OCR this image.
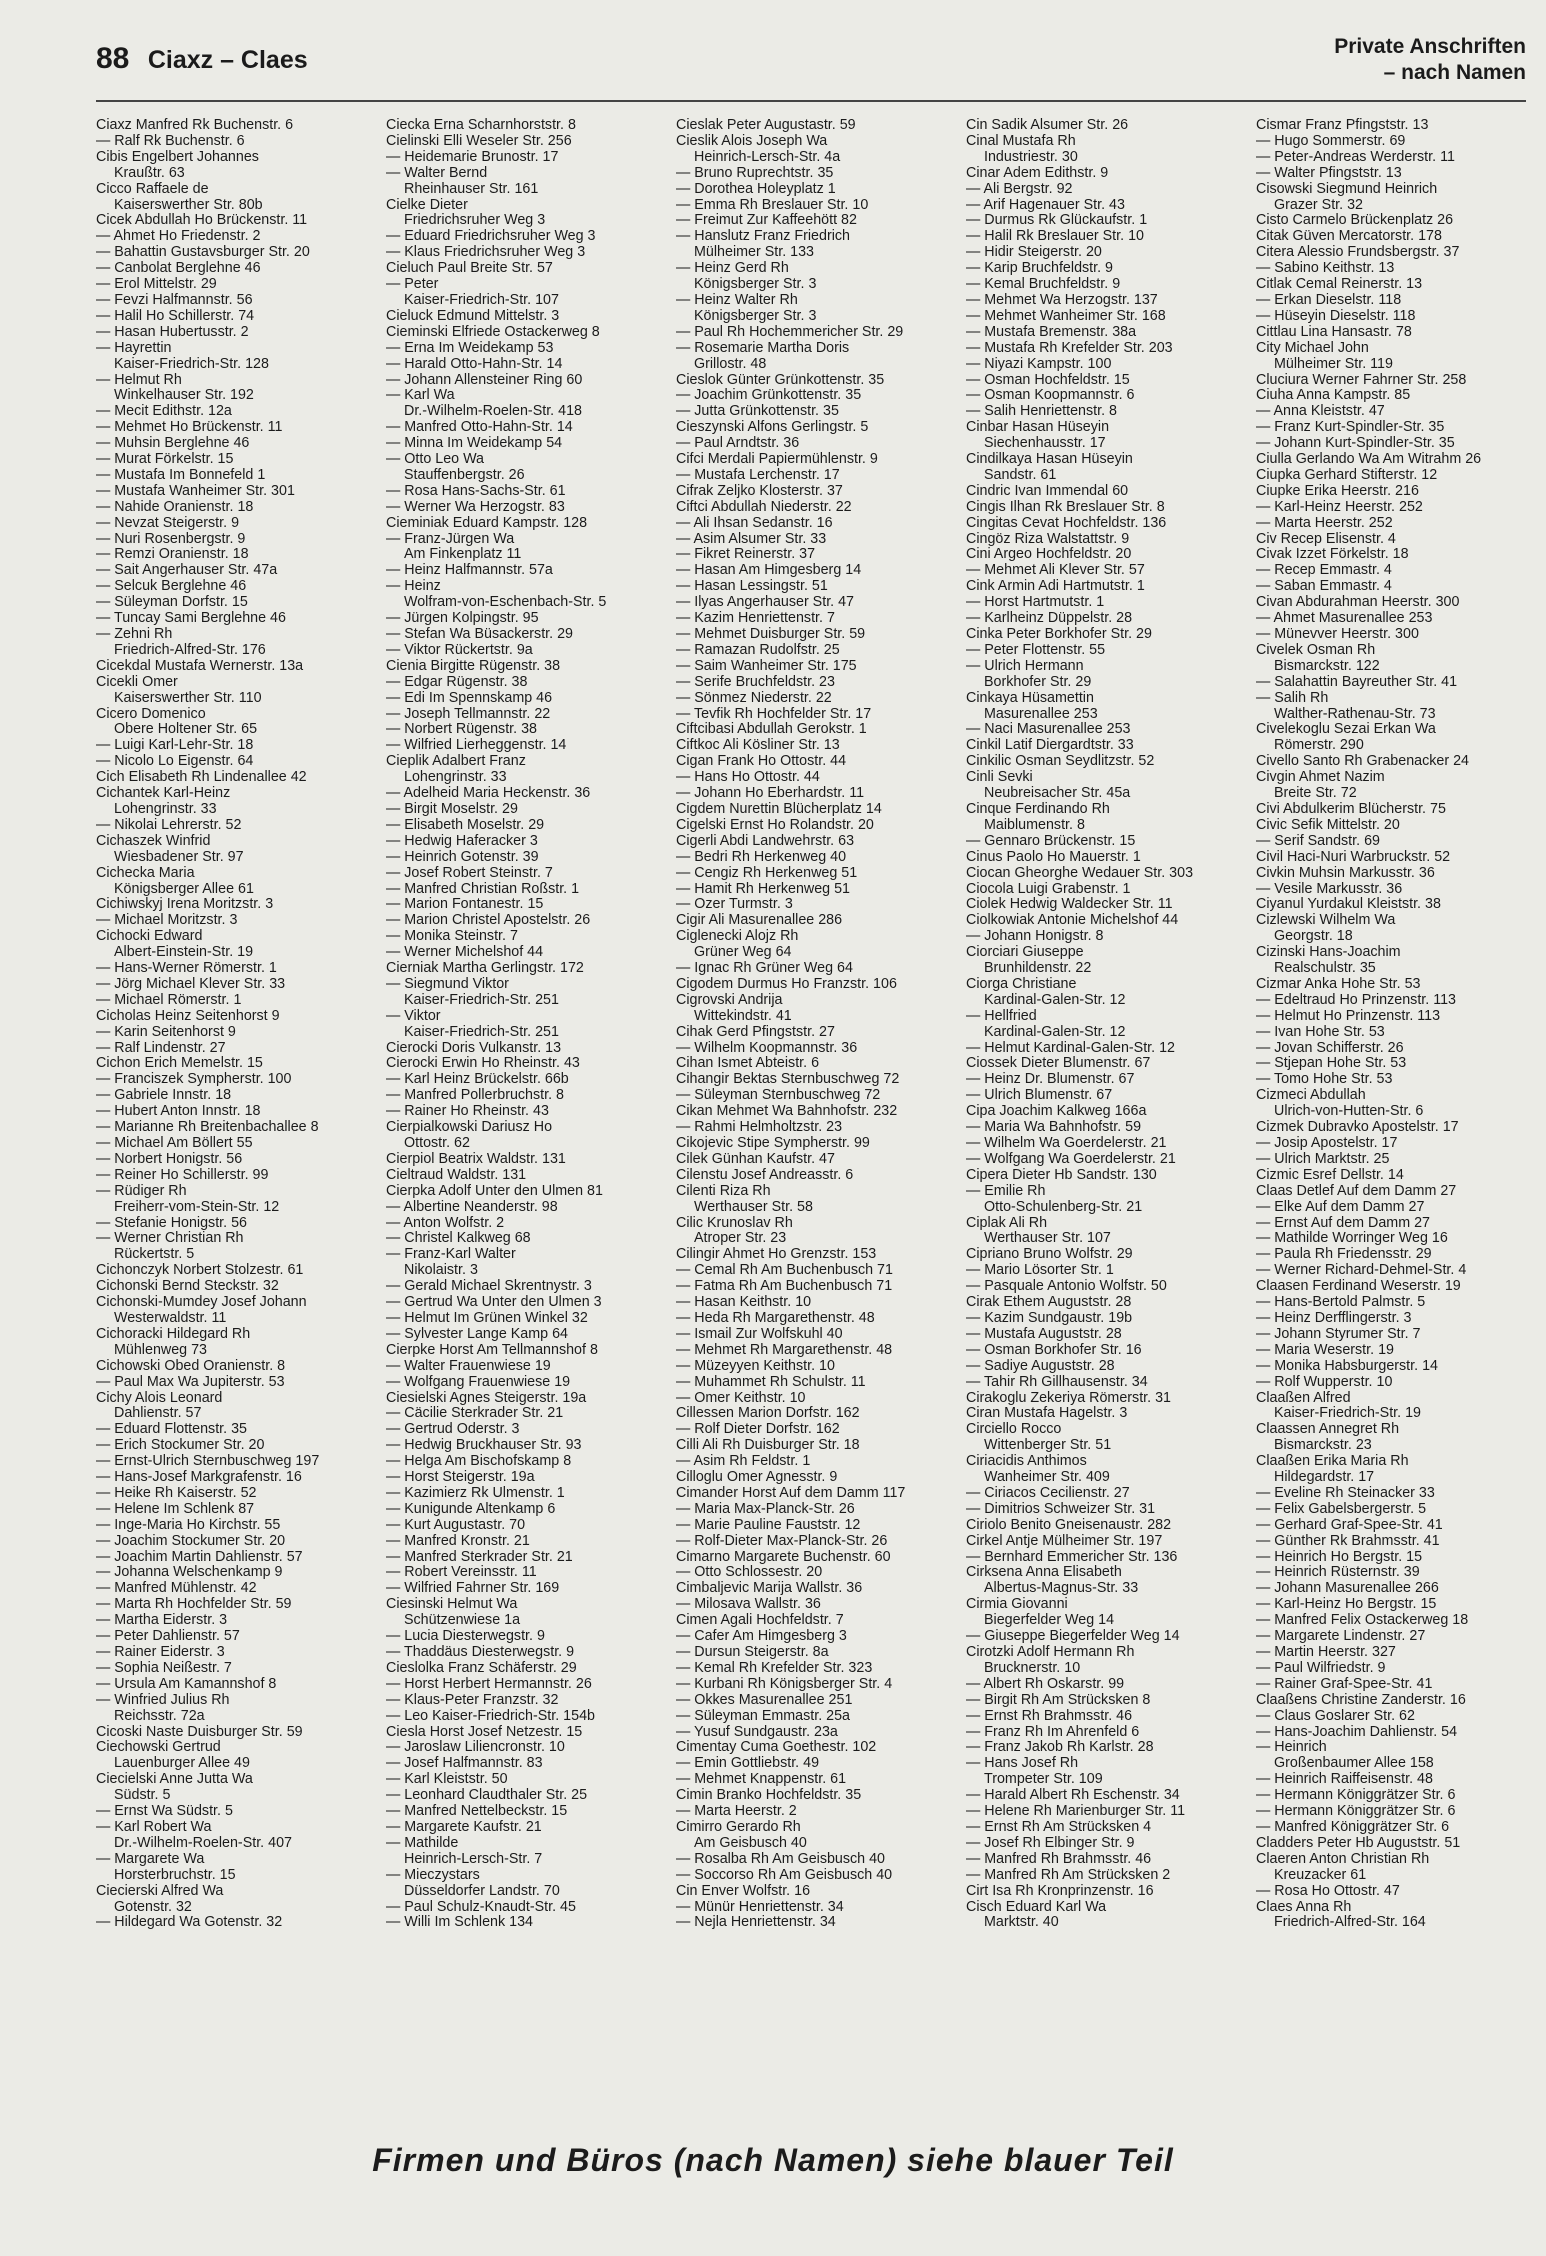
88 Ciaxz – Claes	Private Anschriften
– nach Namen
Ciaxz Manfred Rk Buchenstr. 6
— Ralf Rk Buchenstr. 6
Cibis Engelbert Johannes
Kraußtr. 63
Cicco Raffaele de
Kaiserswerther Str. 80b
Cicek Abdullah Ho Brückenstr. 11
— Ahmet Ho Friedenstr. 2
— Bahattin Gustavsburger Str. 20
— Canbolat Berglehne 46
— Erol Mittelstr. 29
— Fevzi Halfmannstr. 56
— Halil Ho Schillerstr. 74
— Hasan Hubertusstr. 2
— Hayrettin
Kaiser-Friedrich-Str. 128
— Helmut Rh
Winkelhauser Str. 192
— Mecit Edithstr. 12a
— Mehmet Ho Brückenstr. 11
— Muhsin Berglehne 46
— Murat Förkelstr. 15
— Mustafa Im Bonnefeld 1
— Mustafa Wanheimer Str. 301
— Nahide Oranienstr. 18
— Nevzat Steigerstr. 9
— Nuri Rosenbergstr. 9
— Remzi Oranienstr. 18
— Sait Angerhauser Str. 47a
— Selcuk Berglehne 46
— Süleyman Dorfstr. 15
— Tuncay Sami Berglehne 46
— Zehni Rh
Friedrich-Alfred-Str. 176
Cicekdal Mustafa Wernerstr. 13a
Cicekli Ömer
Kaiserswerther Str. 110
Cicero Domenico
Obere Holtener Str. 65
— Luigi Karl-Lehr-Str. 18
— Nicolo Lo Eigenstr. 64
Cich Elisabeth Rh Lindenallee 42
Cichantek Karl-Heinz
Lohengrinstr. 33
— Nikolai Lehrerstr. 52
Cichaszek Winfrid
Wiesbadener Str. 97
Cichecka Maria
Königsberger Allee 61
Cichiwskyj Irena Moritzstr. 3
— Michael Moritzstr. 3
Cichocki Edward
Albert-Einstein-Str. 19
— Hans-Werner Römerstr. 1
— Jörg Michael Klever Str. 33
— Michael Römerstr. 1
Cicholas Heinz Seitenhorst 9
— Karin Seitenhorst 9
— Ralf Lindenstr. 27
Cichon Erich Memelstr. 15
— Franciszek Sympherstr. 100
— Gabriele Innstr. 18
— Hubert Anton Innstr. 18
— Marianne Rh Breitenbachallee 8
— Michael Am Böllert 55
— Norbert Honigstr. 56
— Reiner Ho Schillerstr. 99
— Rüdiger Rh
Freiherr-vom-Stein-Str. 12
— Stefanie Honigstr. 56
— Werner Christian Rh
Rückertstr. 5
Cichonczyk Norbert Stolzestr. 61
Cichonski Bernd Steckstr. 32
Cichonski-Mumdey Josef Johann
Westerwaldstr. 11
Cichoracki Hildegard Rh
Mühlenweg 73
Cichowski Obed Oranienstr. 8
— Paul Max Wa Jupiterstr. 53
Cichy Alois Leonard
Dahlienstr. 57
— Eduard Flottenstr. 35
— Erich Stockumer Str. 20
— Ernst-Ulrich Sternbuschweg 197
— Hans-Josef Markgrafenstr. 16
— Heike Rh Kaiserstr. 52
— Helene Im Schlenk 87
— Inge-Maria Ho Kirchstr. 55
— Joachim Stockumer Str. 20
— Joachim Martin Dahlienstr. 57
— Johanna Welschenkamp 9
— Manfred Mühlenstr. 42
— Marta Rh Hochfelder Str. 59
— Martha Eiderstr. 3
— Peter Dahlienstr. 57
— Rainer Eiderstr. 3
— Sophia Neißestr. 7
— Ursula Am Kamannshof 8
— Winfried Julius Rh
Reichsstr. 72a
Cicoski Naste Duisburger Str. 59
Ciechowski Gertrud
Lauenburger Allee 49
Ciecielski Anne Jutta Wa
Südstr. 5
— Ernst Wa Südstr. 5
— Karl Robert Wa
Dr.-Wilhelm-Roelen-Str. 407
— Margarete Wa
Horsterbruchstr. 15
Ciecierski Alfred Wa
Gotenstr. 32
— Hildegard Wa Gotenstr. 32
Ciecka Erna Scharnhorststr. 8
Cielinski Elli Weseler Str. 256
— Heidemarie Brunostr. 17
— Walter Bernd
Rheinhauser Str. 161
Cielke Dieter
Friedrichsruher Weg 3
— Eduard Friedrichsruher Weg 3
— Klaus Friedrichsruher Weg 3
Cieluch Paul Breite Str. 57
— Peter
Kaiser-Friedrich-Str. 107
Cieluck Edmund Mittelstr. 3
Cieminski Elfriede Ostackerweg 8
— Erna Im Weidekamp 53
— Harald Otto-Hahn-Str. 14
— Johann Allensteiner Ring 60
— Karl Wa
Dr.-Wilhelm-Roelen-Str. 418
— Manfred Otto-Hahn-Str. 14
— Minna Im Weidekamp 54
— Otto Leo Wa
Stauffenbergstr. 26
— Rosa Hans-Sachs-Str. 61
— Werner Wa Herzogstr. 83
Cieminiak Eduard Kampstr. 128
— Franz-Jürgen Wa
Am Finkenplatz 11
— Heinz Halfmannstr. 57a
— Heinz
Wolfram-von-Eschenbach-Str. 5
— Jürgen Kolpingstr. 95
— Stefan Wa Büsackerstr. 29
— Viktor Rückertstr. 9a
Cienia Birgitte Rügenstr. 38
— Edgar Rügenstr. 38
— Edi Im Spennskamp 46
— Joseph Tellmannstr. 22
— Norbert Rügenstr. 38
— Wilfried Lierheggenstr. 14
Cieplik Adalbert Franz
Lohengrinstr. 33
— Adelheid Maria Heckenstr. 36
— Birgit Moselstr. 29
— Elisabeth Moselstr. 29
— Hedwig Haferacker 3
— Heinrich Gotenstr. 39
— Josef Robert Steinstr. 7
— Manfred Christian Roßstr. 1
— Marion Fontanestr. 15
— Marion Christel Apostelstr. 26
— Monika Steinstr. 7
— Werner Michelshof 44
Cierniak Martha Gerlingstr. 172
— Siegmund Viktor
Kaiser-Friedrich-Str. 251
— Viktor
Kaiser-Friedrich-Str. 251
Cierocki Doris Vulkanstr. 13
Cierocki Erwin Ho Rheinstr. 43
— Karl Heinz Brückelstr. 66b
— Manfred Pollerbruchstr. 8
— Rainer Ho Rheinstr. 43
Cierpialkowski Dariusz Ho
Ottostr. 62
Cierpiol Beatrix Waldstr. 131
Cieltraud Waldstr. 131
Cierpka Adolf Unter den Ulmen 81
— Albertine Neanderstr. 98
— Anton Wolfstr. 2
— Christel Kalkweg 68
— Franz-Karl Walter
Nikolaistr. 3
— Gerald Michael Skrentnystr. 3
— Gertrud Wa Unter den Ulmen 3
— Helmut Im Grünen Winkel 32
— Sylvester Lange Kamp 64
Cierpke Horst Am Tellmannshof 8
— Walter Frauenwiese 19
— Wolfgang Frauenwiese 19
Ciesielski Agnes Steigerstr. 19a
— Cäcilie Sterkrader Str. 21
— Gertrud Oderstr. 3
— Hedwig Bruckhauser Str. 93
— Helga Am Bischofskamp 8
— Horst Steigerstr. 19a
— Kazimierz Rk Ulmenstr. 1
— Kunigunde Altenkamp 6
— Kurt Augustastr. 70
— Manfred Kronstr. 21
— Manfred Sterkrader Str. 21
— Robert Vereinsstr. 11
— Wilfried Fahrner Str. 169
Ciesinski Helmut Wa
Schützenwiese 1a
— Lucia Diesterwegstr. 9
— Thaddäus Diesterwegstr. 9
Cieslolka Franz Schäferstr. 29
— Horst Herbert Hermannstr. 26
— Klaus-Peter Franzstr. 32
— Leo Kaiser-Friedrich-Str. 154b
Ciesla Horst Josef Netzestr. 15
— Jaroslaw Liliencronstr. 10
— Josef Halfmannstr. 83
— Karl Kleiststr. 50
— Leonhard Claudthaler Str. 25
— Manfred Nettelbeckstr. 15
— Margarete Kaufstr. 21
— Mathilde
Heinrich-Lersch-Str. 7
— Mieczystars
Düsseldorfer Landstr. 70
— Paul Schulz-Knaudt-Str. 45
— Willi Im Schlenk 134
Cieslak Peter Augustastr. 59
Cieslik Alois Joseph Wa
Heinrich-Lersch-Str. 4a
— Bruno Ruprechtstr. 35
— Dorothea Holeyplatz 1
— Emma Rh Breslauer Str. 10
— Freimut Zur Kaffeehött 82
— Hanslutz Franz Friedrich
Mülheimer Str. 133
— Heinz Gerd Rh
Königsberger Str. 3
— Heinz Walter Rh
Königsberger Str. 3
— Paul Rh Hochemmericher Str. 29
— Rosemarie Martha Doris
Grillostr. 48
Cieslok Günter Grünkottenstr. 35
— Joachim Grünkottenstr. 35
— Jutta Grünkottenstr. 35
Cieszynski Alfons Gerlingstr. 5
— Paul Arndtstr. 36
Cifci Merdali Papiermühlenstr. 9
— Mustafa Lerchenstr. 17
Cifrak Zeljko Klosterstr. 37
Ciftci Abdullah Niederstr. 22
— Ali Ihsan Sedanstr. 16
— Asim Alsumer Str. 33
— Fikret Reinerstr. 37
— Hasan Am Himgesberg 14
— Hasan Lessingstr. 51
— Ilyas Angerhauser Str. 47
— Kazim Henriettenstr. 7
— Mehmet Duisburger Str. 59
— Ramazan Rudolfstr. 25
— Saim Wanheimer Str. 175
— Serife Bruchfeldstr. 23
— Sönmez Niederstr. 22
— Tevfik Rh Hochfelder Str. 17
Ciftcibasi Abdullah Gerokstr. 1
Ciftkoc Ali Kösliner Str. 13
Cigan Frank Ho Ottostr. 44
— Hans Ho Ottostr. 44
— Johann Ho Eberhardstr. 11
Cigdem Nurettin Blücherplatz 14
Cigelski Ernst Ho Rolandstr. 20
Cigerli Abdi Landwehrstr. 63
— Bedri Rh Herkenweg 40
— Cengiz Rh Herkenweg 51
— Hamit Rh Herkenweg 51
— Özer Turmstr. 3
Cigir Ali Masurenallee 286
Ciglenecki Alojz Rh
Grüner Weg 64
— Ignac Rh Grüner Weg 64
Cigodem Durmus Ho Franzstr. 106
Cigrovski Andrija
Wittekindstr. 41
Cihak Gerd Pfingststr. 27
— Wilhelm Koopmannstr. 36
Cihan Ismet Abteistr. 6
Cihangir Bektas Sternbuschweg 72
— Süleyman Sternbuschweg 72
Cikan Mehmet Wa Bahnhofstr. 232
— Rahmi Helmholtzstr. 23
Cikojevic Stipe Sympherstr. 99
Cilek Günhan Kaufstr. 47
Cilenstu Josef Andreasstr. 6
Cilenti Riza Rh
Werthauser Str. 58
Cilic Krunoslav Rh
Atroper Str. 23
Cilingir Ahmet Ho Grenzstr. 153
— Cemal Rh Am Buchenbusch 71
— Fatma Rh Am Buchenbusch 71
— Hasan Keithstr. 10
— Heda Rh Margarethenstr. 48
— Ismail Zur Wolfskuhl 40
— Mehmet Rh Margarethenstr. 48
— Müzeyyen Keithstr. 10
— Muhammet Rh Schulstr. 11
— Ömer Keithstr. 10
Cillessen Marion Dorfstr. 162
— Rolf Dieter Dorfstr. 162
Cilli Ali Rh Duisburger Str. 18
— Asim Rh Feldstr. 1
Cilloglu Ömer Agnesstr. 9
Cimander Horst Auf dem Damm 117
— Maria Max-Planck-Str. 26
— Marie Pauline Fauststr. 12
— Rolf-Dieter Max-Planck-Str. 26
Cimarno Margarete Buchenstr. 60
— Otto Schlossestr. 20
Cimbaljevic Marija Wallstr. 36
— Milosava Wallstr. 36
Cimen Agali Hochfeldstr. 7
— Cafer Am Himgesberg 3
— Dursun Steigerstr. 8a
— Kemal Rh Krefelder Str. 323
— Kurbani Rh Königsberger Str. 4
— Ökkes Masurenallee 251
— Süleyman Emmastr. 25a
— Yusuf Sundgaustr. 23a
Cimentay Cuma Goethestr. 102
— Emin Gottliebstr. 49
— Mehmet Knappenstr. 61
Cimin Branko Hochfeldstr. 35
— Marta Heerstr. 2
Cimirro Gerardo Rh
Am Geisbusch 40
— Rosalba Rh Am Geisbusch 40
— Soccorso Rh Am Geisbusch 40
Cin Enver Wolfstr. 16
— Münür Henriettenstr. 34
— Nejla Henriettenstr. 34
Cin Sadik Alsumer Str. 26
Cinal Mustafa Rh
Industriestr. 30
Cinar Adem Edithstr. 9
— Ali Bergstr. 92
— Arif Hagenauer Str. 43
— Durmus Rk Glückaufstr. 1
— Halil Rk Breslauer Str. 10
— Hidir Steigerstr. 20
— Karip Bruchfeldstr. 9
— Kemal Bruchfeldstr. 9
— Mehmet Wa Herzogstr. 137
— Mehmet Wanheimer Str. 168
— Mustafa Bremenstr. 38a
— Mustafa Rh Krefelder Str. 203
— Niyazi Kampstr. 100
— Osman Hochfeldstr. 15
— Osman Koopmannstr. 6
— Salih Henriettenstr. 8
Cinbar Hasan Hüseyin
Siechenhausstr. 17
Cindilkaya Hasan Hüseyin
Sandstr. 61
Cindric Ivan Immendal 60
Cingis Ilhan Rk Breslauer Str. 8
Cingitas Cevat Hochfeldstr. 136
Cingöz Riza Walstattstr. 9
Cini Argeo Hochfeldstr. 20
— Mehmet Ali Klever Str. 57
Cink Armin Adi Hartmutstr. 1
— Horst Hartmutstr. 1
— Karlheinz Düppelstr. 28
Cinka Peter Borkhofer Str. 29
— Peter Flottenstr. 55
— Ulrich Hermann
Borkhofer Str. 29
Cinkaya Hüsamettin
Masurenallee 253
— Naci Masurenallee 253
Cinkil Latif Diergardtstr. 33
Cinkilic Osman Seydlitzstr. 52
Cinli Sevki
Neubreisacher Str. 45a
Cinque Ferdinando Rh
Maiblumenstr. 8
— Gennaro Brückenstr. 15
Cinus Paolo Ho Mauerstr. 1
Ciocan Gheorghe Wedauer Str. 303
Ciocola Luigi Grabenstr. 1
Ciolek Hedwig Waldecker Str. 11
Ciolkowiak Antonie Michelshof 44
— Johann Honigstr. 8
Ciorciari Giuseppe
Brunhildenstr. 22
Ciorga Christiane
Kardinal-Galen-Str. 12
— Hellfried
Kardinal-Galen-Str. 12
— Helmut Kardinal-Galen-Str. 12
Ciossek Dieter Blumenstr. 67
— Heinz Dr. Blumenstr. 67
— Ulrich Blumenstr. 67
Cipa Joachim Kalkweg 166a
— Maria Wa Bahnhofstr. 59
— Wilhelm Wa Goerdelerstr. 21
— Wolfgang Wa Goerdelerstr. 21
Cipera Dieter Hb Sandstr. 130
— Emilie Rh
Otto-Schulenberg-Str. 21
Ciplak Ali Rh
Werthauser Str. 107
Cipriano Bruno Wolfstr. 29
— Mario Lösorter Str. 1
— Pasquale Antonio Wolfstr. 50
Cirak Ethem Auguststr. 28
— Kazim Sundgaustr. 19b
— Mustafa Auguststr. 28
— Osman Borkhofer Str. 16
— Sadiye Auguststr. 28
— Tahir Rh Gillhausenstr. 34
Cirakoglu Zekeriya Römerstr. 31
Ciran Mustafa Hagelstr. 3
Circiello Rocco
Wittenberger Str. 51
Ciriacidis Anthimos
Wanheimer Str. 409
— Ciriacos Cecilienstr. 27
— Dimitrios Schweizer Str. 31
Ciriolo Benito Gneisenaustr. 282
Cirkel Antje Mülheimer Str. 197
— Bernhard Emmericher Str. 136
Cirksena Anna Elisabeth
Albertus-Magnus-Str. 33
Cirmia Giovanni
Biegerfelder Weg 14
— Giuseppe Biegerfelder Weg 14
Cirotzki Adolf Hermann Rh
Brucknerstr. 10
— Albert Rh Oskarstr. 99
— Birgit Rh Am Strücksken 8
— Ernst Rh Brahmsstr. 46
— Franz Rh Im Ahrenfeld 6
— Franz Jakob Rh Karlstr. 28
— Hans Josef Rh
Trompeter Str. 109
— Harald Albert Rh Eschenstr. 34
— Helene Rh Marienburger Str. 11
— Ernst Rh Am Strücksken 4
— Josef Rh Elbinger Str. 9
— Manfred Rh Brahmsstr. 46
— Manfred Rh Am Strücksken 2
Cirt Isa Rh Kronprinzenstr. 16
Cisch Eduard Karl Wa
Marktstr. 40
Cismar Franz Pfingststr. 13
— Hugo Sommerstr. 69
— Peter-Andreas Werderstr. 11
— Walter Pfingststr. 13
Cisowski Siegmund Heinrich
Grazer Str. 32
Cisto Carmelo Brückenplatz 26
Citak Güven Mercatorstr. 178
Citera Alessio Frundsbergstr. 37
— Sabino Keithstr. 13
Citlak Cemal Reinerstr. 13
— Erkan Dieselstr. 118
— Hüseyin Dieselstr. 118
Cittlau Lina Hansastr. 78
City Michael John
Mülheimer Str. 119
Cluciura Werner Fahrner Str. 258
Ciuha Anna Kampstr. 85
— Anna Kleiststr. 47
— Franz Kurt-Spindler-Str. 35
— Johann Kurt-Spindler-Str. 35
Ciulla Gerlando Wa Am Witrahm 26
Ciupka Gerhard Stifterstr. 12
Ciupke Erika Heerstr. 216
— Karl-Heinz Heerstr. 252
— Marta Heerstr. 252
Civ Recep Elisenstr. 4
Civak Izzet Förkelstr. 18
— Recep Emmastr. 4
— Saban Emmastr. 4
Civan Abdurahman Heerstr. 300
— Ahmet Masurenallee 253
— Münevver Heerstr. 300
Civelek Osman Rh
Bismarckstr. 122
— Salahattin Bayreuther Str. 41
— Salih Rh
Walther-Rathenau-Str. 73
Civelekoglu Sezai Erkan Wa
Römerstr. 290
Civello Santo Rh Grabenacker 24
Civgin Ahmet Nazim
Breite Str. 72
Civi Abdulkerim Blücherstr. 75
Civic Sefik Mittelstr. 20
— Serif Sandstr. 69
Civil Haci-Nuri Warbruckstr. 52
Civkin Muhsin Markusstr. 36
— Vesile Markusstr. 36
Ciyanul Yurdakul Kleiststr. 38
Cizlewski Wilhelm Wa
Georgstr. 18
Cizinski Hans-Joachim
Realschulstr. 35
Cizmar Anka Hohe Str. 53
— Edeltraud Ho Prinzenstr. 113
— Helmut Ho Prinzenstr. 113
— Ivan Hohe Str. 53
— Jovan Schifferstr. 26
— Stjepan Hohe Str. 53
— Tomo Hohe Str. 53
Cizmeci Abdullah
Ulrich-von-Hutten-Str. 6
Cizmek Dubravko Apostelstr. 17
— Josip Apostelstr. 17
— Ulrich Marktstr. 25
Cizmic Esref Dellstr. 14
Claas Detlef Auf dem Damm 27
— Elke Auf dem Damm 27
— Ernst Auf dem Damm 27
— Mathilde Worringer Weg 16
— Paula Rh Friedensstr. 29
— Werner Richard-Dehmel-Str. 4
Claasen Ferdinand Weserstr. 19
— Hans-Bertold Palmstr. 5
— Heinz Derfflingerstr. 3
— Johann Styrumer Str. 7
— Maria Weserstr. 19
— Monika Habsburgerstr. 14
— Rolf Wupperstr. 10
Claaßen Alfred
Kaiser-Friedrich-Str. 19
Claassen Annegret Rh
Bismarckstr. 23
Claaßen Erika Maria Rh
Hildegardstr. 17
— Eveline Rh Steinacker 33
— Felix Gabelsbergerstr. 5
— Gerhard Graf-Spee-Str. 41
— Günther Rk Brahmsstr. 41
— Heinrich Ho Bergstr. 15
— Heinrich Rüsternstr. 39
— Johann Masurenallee 266
— Karl-Heinz Ho Bergstr. 15
— Manfred Felix Ostackerweg 18
— Margarete Lindenstr. 27
— Martin Heerstr. 327
— Paul Wilfriedstr. 9
— Rainer Graf-Spee-Str. 41
Claaßens Christine Zanderstr. 16
— Claus Goslarer Str. 62
— Hans-Joachim Dahlienstr. 54
— Heinrich
Großenbaumer Allee 158
— Heinrich Raiffeisenstr. 48
— Hermann Königgrätzer Str. 6
— Hermann Königgrätzer Str. 6
— Manfred Königgrätzer Str. 6
Cladders Peter Hb Auguststr. 51
Claeren Anton Christian Rh
Kreuzacker 61
— Rosa Ho Ottostr. 47
Claes Anna Rh
Friedrich-Alfred-Str. 164
Firmen und Büros (nach Namen) siehe blauer Teil
